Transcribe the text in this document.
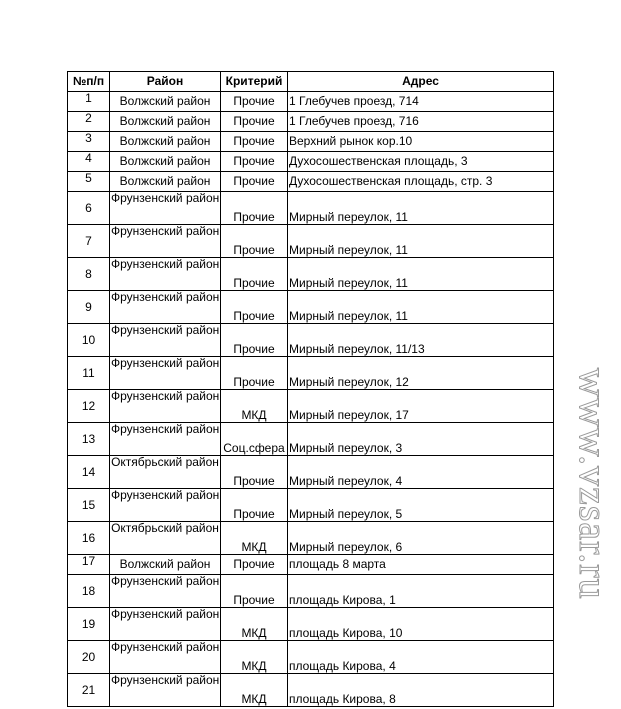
№п/п	Район	Критерий	Адрес
1	Волжский район	Прочие	1 Глебучев проезд, 714
2	Волжский район	Прочие	1 Глебучев проезд, 716
3	Волжский район	Прочие	Верхний рынок кор.10
4	Волжский район	Прочие	Духосошественская площадь, 3
5	Волжский район	Прочие	Духосошественская площадь, стр. 3
6	Фрунзенский район	Прочие	Мирный переулок, 11
7	Фрунзенский район	Прочие	Мирный переулок, 11
8	Фрунзенский район	Прочие	Мирный переулок, 11
9	Фрунзенский район	Прочие	Мирный переулок, 11
10	Фрунзенский район	Прочие	Мирный переулок, 11/13
11	Фрунзенский район	Прочие	Мирный переулок, 12
12	Фрунзенский район	МКД	Мирный переулок, 17
13	Фрунзенский район	Соц.сфера	Мирный переулок, 3
14	Октябрьский район	Прочие	Мирный переулок, 4
15	Фрунзенский район	Прочие	Мирный переулок, 5
16	Октябрьский район	МКД	Мирный переулок, 6
17	Волжский район	Прочие	площадь 8 марта
18	Фрунзенский район	Прочие	площадь Кирова, 1
19	Фрунзенский район	МКД	площадь Кирова, 10
20	Фрунзенский район	МКД	площадь Кирова, 4
21	Фрунзенский район	МКД	площадь Кирова, 8
www.vzsar.ru
